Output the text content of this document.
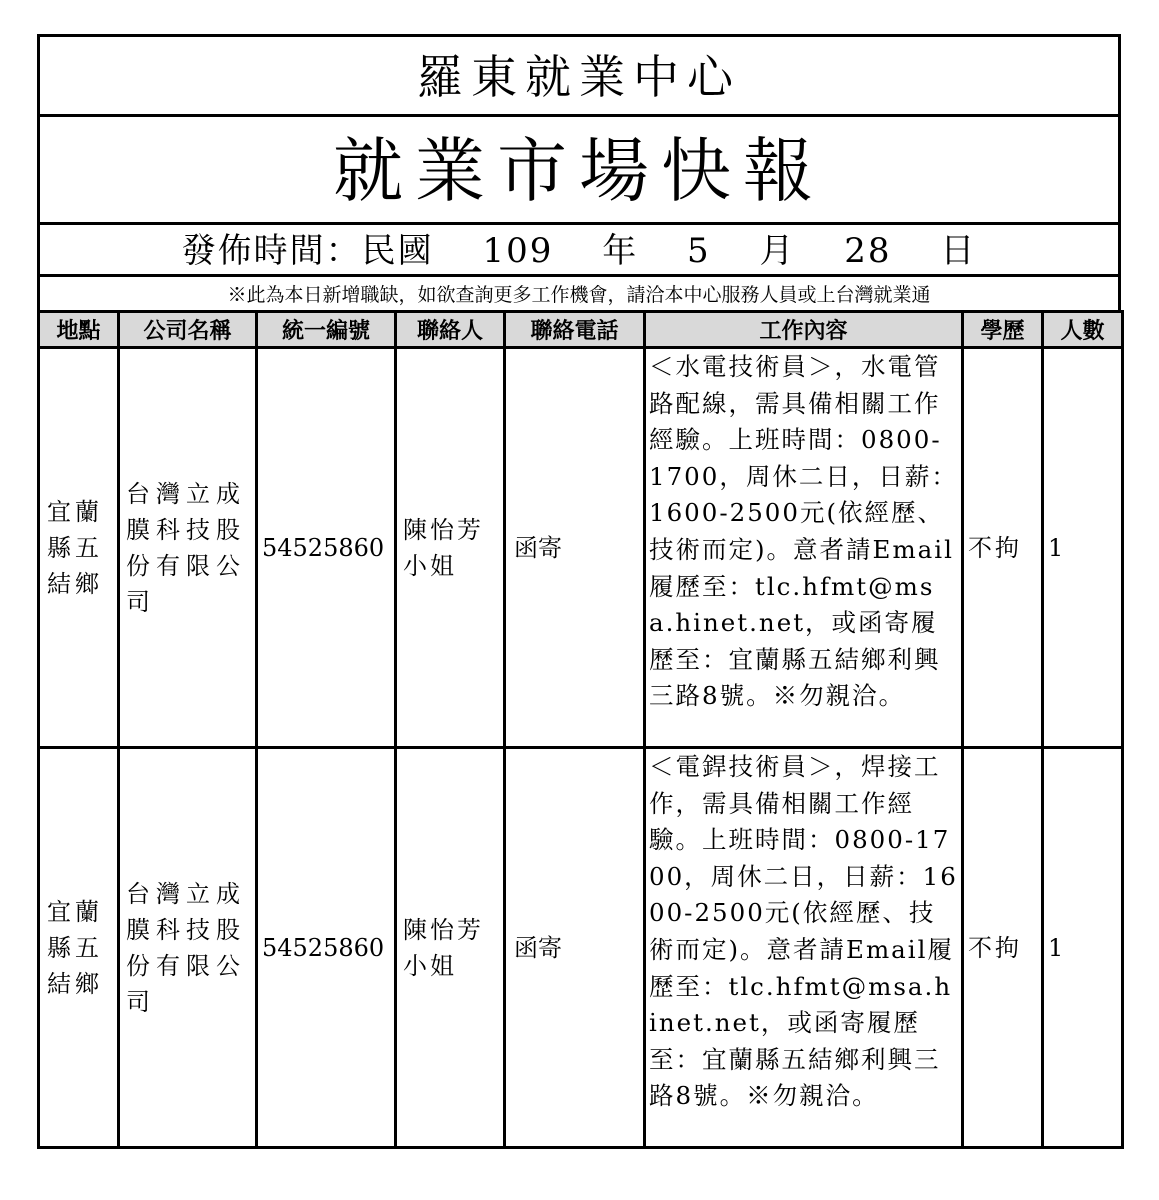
羅東就業中心
就業市場快報
發佈時間：民國 109 年 5 月 28 日
※此為本日新增職缺，如欲查詢更多工作機會，請洽本中心服務人員或上台灣就業通
地點	公司名稱	統一編號	聯絡人	聯絡電話	工作內容	學歷	人數
宜蘭縣五結鄉	台灣立成膜科技股份有限公司	54525860	陳怡芳小姐	函寄	＜水電技術員＞，水電管路配線，需具備相關工作經驗。上班時間：0800-1700，周休二日，日薪：1600-2500元(依經歷、技術而定)。意者請Email履歷至：tlc.hfmt@msa.hinet.net，或函寄履歷至：宜蘭縣五結鄉利興三路8號。※勿親洽。	不拘	1
宜蘭縣五結鄉	台灣立成膜科技股份有限公司	54525860	陳怡芳小姐	函寄	＜電銲技術員＞，焊接工作，需具備相關工作經驗。上班時間：0800-1700，周休二日，日薪：1600-2500元(依經歷、技術而定)。意者請Email履歷至：tlc.hfmt@msa.hinet.net，或函寄履歷至：宜蘭縣五結鄉利興三路8號。※勿親洽。	不拘	1
